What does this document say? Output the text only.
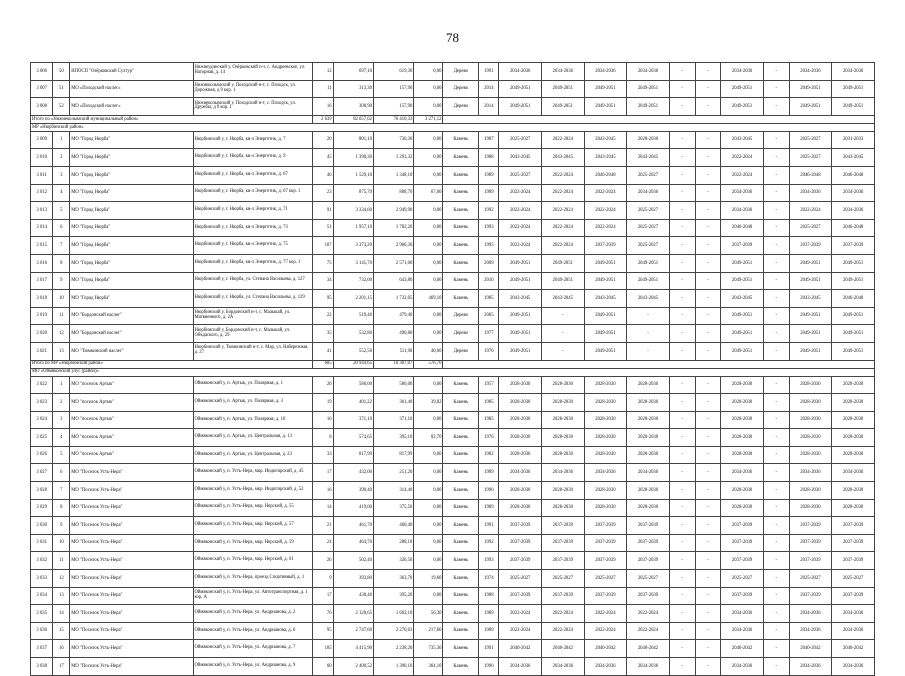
78
3 006	50	НПОСП "Озёрковский Сухтур"	Нижнеудинский у. Озёрковский п-т, с. Андреевское, ул. Нагорная, д. 14	12	697,10	619,30	0,00	Дерево	1991	2034-2036	2034-2036	2034-2036	2034-2036	-	-	2034-2036	-	2034-2036	2034-2036
3 007	51	МО «Походский наслег»	Нижнеколымский у. Походский н-т, с. Походск, ул. Дорожная, д 9 кор. 1	11	313,30	157,90	0,00	Дерево	2014	2049-2051	2049-2051	2049-2051	2049-2051	-	-	2049-2051	-	2049-2051	2049-2051
3 008	52	МО «Походский наслег»	Нижнеколымский у. Походский н-т, с. Походск, ул. Дружбы, д 9 кор. 1	16	308,90	157,90	0,00	Дерево	2014	2049-2051	2049-2051	2049-2051	2049-2051	-	-	2049-2051	-	2049-2051	2049-2051
Итого по «Нижнеколымский муниципальный район»				2 639	82 657,62	76 410,33	3 271,12												
МР «Нюрбинский район»																			
3 009	1	МО "Город Нюрба"	Нюрбинский у, г. Нюрба, кв-л Энергетик, д. 7	20	801,10	730,30	0,00	Камень	1987	2025-2027	2022-2024	2043-2045	2028-2030	-	-	2043-2045	-	2025-2027	2031-2033
3 010	2	МО "Город Нюрба"	Нюрбинский у, г. Нюрба, кв-л Энергетик, д. 9	45	1 390,30	1 293,32	0,00	Камень	1988	2043-2045	2043-2045	2043-2045	2043-2045	-	-	2022-2024	-	2025-2027	2043-2045
3 011	3	МО "Город Нюрба"	Нюрбинский у, г. Нюрба, кв-л Энергетик, д. 67	46	1 529,10	1 348,10	0,00	Камень	1989	2025-2027	2022-2024	2046-2048	2025-2027	-	-	2022-2024	-	2046-2048	2046-2048
3 012	4	МО "Город Нюрба"	Нюрбинский у, г. Нюрба, кв-л Энергетик, д. 67 кор. 1	23	875,70	808,70	67,00	Камень	1989	2022-2024	2022-2024	2022-2024	2034-2036	-	-	2034-2036	-	2034-2036	2034-2036
3 013	5	МО "Город Нюрба"	Нюрбинский у, г. Нюрба, кв-л Энергетик, д. 71	91	3 334,60	2 949,90	0,00	Камень	1992	2022-2024	2022-2024	2022-2024	2025-2027	-	-	2034-2036	-	2022-2024	2034-2036
3 014	6	МО "Город Нюрба"	Нюрбинский у, г. Нюрба, кв-л Энергетик, д. 73	51	1 957,10	1 782,20	0,00	Камень	1993	2022-2024	2022-2024	2022-2024	2025-2027	-	-	2046-2048	-	2025-2027	2046-2048
3 015	7	МО "Город Нюрба"	Нюрбинский у, г. Нюрба, кв-л Энергетик, д. 75	107	3 373,20	2 966,30	0,00	Камень	1995	2022-2024	2022-2024	2037-2039	2025-2027	-	-	2037-2039	-	2037-2039	2037-2039
3 016	8	МО "Город Нюрба"	Нюрбинский у, г. Нюрба, кв-л Энергетик, д. 77 кор. 1	75	3 145,70	2 571,00	0,00	Камень	2009	2049-2051	2049-2051	2049-2051	2049-2051	-	-	2049-2051	-	2049-2051	2049-2051
3 017	9	МО "Город Нюрба"	Нюрбинский у, г. Нюрба, ул. Степана Васильева, д. 127	34	732,00	643,80	0,00	Камень	2010	2049-2051	2049-2051	2049-2051	2049-2051	-	-	2049-2051	-	2049-2051	2049-2051
3 018	10	МО "Город Нюрба"	Нюрбинский у, г. Нюрба, ул. Степана Васильева, д. 129	95	2 201,15	1 732,05	469,10	Камень	1985	2043-2045	2043-2045	2043-2045	2043-2045	-	-	2043-2045	-	2043-2045	2046-2048
3 019	11	МО "Бордонский наслег"	Нюрбинский у, Бордонский н-т, с. Малыкай, ул. Матвиенкого, д. 2А	22	519,40	479,40	0,00	Дерево	2005	2049-2051	-	2049-2051	-	-	-	2049-2051	-	2049-2051	2049-2051
3 020	12	МО "Бордонский наслег"	Нюрбинский у, Бордонский н-т, с. Малыкай, ул. Объдаского, д. 29	35	532,80	490,80	0,00	Дерево	1977	2049-2051	-	2049-2051	-	-	-	2049-2051	-	2049-2051	2049-2051
3 021	13	МО "Тюмкинский наслег"	Нюрбинский у, Тюмкинский н-т, с. Мар, ул. Набережная, д. 27	41	552,50	511,90	40,60	Дерево	1976	2049-2051	-	2049-2051	-	-	-	2049-2051	-	2049-2051	2049-2051
Итого по МР «Нюрбинский район»				685	20 944,65	18 307,07	576,70												
МО «Оймяконский улус (район)»																			
3 022	1	МО "поселок Артык"	Оймяконский у, п. Артык, ул. Полярная, д. 1	26	586,00	586,00	0,00	Камень	1957	2028-2030	2028-2030	2028-2030	2028-2030	-	-	2028-2030	-	2028-2030	2028-2030
3 023	2	МО "поселок Артык"	Оймяконский у, п. Артык, ул. Полярная, д. 3	19	401,22	361,40	39,82	Камень	1985	2028-2030	2028-2030	2028-2030	2028-2030	-	-	2028-2030	-	2028-2030	2028-2030
3 024	3	МО "поселок Артык"	Оймяконский у, п. Артык, ул. Полярная, д. 10	16	371,10	371,10	0,00	Камень	1985	2028-2030	2028-2030	2028-2030	2028-2030	-	-	2028-2030	-	2028-2030	2028-2030
3 025	4	МО "поселок Артык"	Оймяконский у, п. Артык, ул. Центральная, д. 13	8	574,65	395,10	82,70	Камень	1976	2028-2030	2028-2030	2028-2030	2028-2030	-	-	2028-2030	-	2028-2030	2028-2030
3 026	5	МО "поселок Артык"	Оймяконский у, п. Артык, ул. Центральная, д. 23	33	817,99	817,99	0,00	Камень	1982	2028-2030	2028-2030	2028-2030	2028-2030	-	-	2028-2030	-	2028-2030	2028-2030
3 027	6	МО "Поселок Усть-Нера"	Оймяконский у, п. Усть-Нера, мкр. Индигирский, д. 45	17	432,00	251,20	0,00	Камень	1989	2034-2036	2034-2036	2034-2036	2034-2036	-	-	2034-2036	-	2034-2036	2034-2036
3 028	7	МО "Поселок Усть-Нера"	Оймяконский у, п. Усть-Нера, мкр. Индигирский, д. 52	16	390,40	314,40	0,00	Камень	1990	2028-2030	2028-2030	2028-2030	2028-2030	-	-	2028-2030	-	2028-2030	2028-2030
3 029	8	МО "Поселок Усть-Нера"	Оймяконский у, п. Усть-Нера, мкр. Нерский, д. 55	14	419,00	375,50	0,00	Камень	1989	2028-2030	2028-2030	2028-2030	2028-2030	-	-	2028-2030	-	2028-2030	2028-2030
3 030	9	МО "Поселок Усть-Нера"	Оймяконский у, п. Усть-Нера, мкр. Нерский, д. 57	21	461,70	460,40	0,00	Камень	1991	2037-2039	2037-2039	2037-2039	2037-2039	-	-	2037-2039	-	2037-2039	2037-2039
3 031	10	МО "Поселок Усть-Нера"	Оймяконский у, п. Усть-Нера, мкр. Нерский, д. 59	24	464,70	288,10	0,00	Камень	1992	2037-2039	2037-2039	2037-2039	2037-2039	-	-	2037-2039	-	2037-2039	2037-2039
3 032	11	МО "Поселок Усть-Нера"	Оймяконский у, п. Усть-Нера, мкр. Нерский, д. 61	26	502,40	326,50	0,00	Камень	1993	2037-2039	2037-2039	2037-2039	2037-2039	-	-	2037-2039	-	2037-2039	2037-2039
3 033	12	МО "Поселок Усть-Нера"	Оймяконский у, п. Усть-Нера, проезд Спортивный, д. 1	9	393,80	363,70	19,60	Камень	1974	2025-2027	2025-2027	2025-2027	2025-2027	-	-	2025-2027	-	2025-2027	2025-2027
3 034	13	МО "Поселок Усть-Нера"	Оймяконский у, п. Усть-Нера, ул. Автотранспортная, д. 1 кор. А	17	430,40	395,20	0,00	Камень	1988	2037-2039	2037-2039	2037-2039	2037-2039	-	-	2037-2039	-	2037-2039	2037-2039
3 035	14	МО "Поселок Усть-Нера"	Оймяконский у, п. Усть-Нера, ул. Андрианова, д. 2	76	2 120,65	1 602,10	56,30	Камень	1989	2022-2024	2022-2024	2022-2024	2022-2024	-	-	2034-2036	-	2034-2036	2034-2036
3 036	15	МО "Поселок Усть-Нера"	Оймяконский у, п. Усть-Нера, ул. Андрианова, д. 6	95	2 747,60	2 270,63	217,60	Камень	1989	2022-2024	2022-2024	2022-2024	2022-2024	-	-	2034-2036	-	2034-2036	2034-2036
3 037	16	МО "Поселок Усть-Нера"	Оймяконский у, п. Усть-Нера, ул. Андрианова, д. 7	105	4 415,90	2 238,20	735,30	Камень	1991	2040-2042	2040-2042	2040-2042	2040-2042	-	-	2040-2042	-	2040-2042	2040-2042
3 038	17	МО "Поселок Усть-Нера"	Оймяконский у, п. Усть-Нера, ул. Андрианова, д. 9	60	2 400,52	1 390,10	364,10	Камень	1990	2034-2036	2034-2036	2034-2036	2034-2036	-	-	2034-2036	-	2034-2036	2034-2036
